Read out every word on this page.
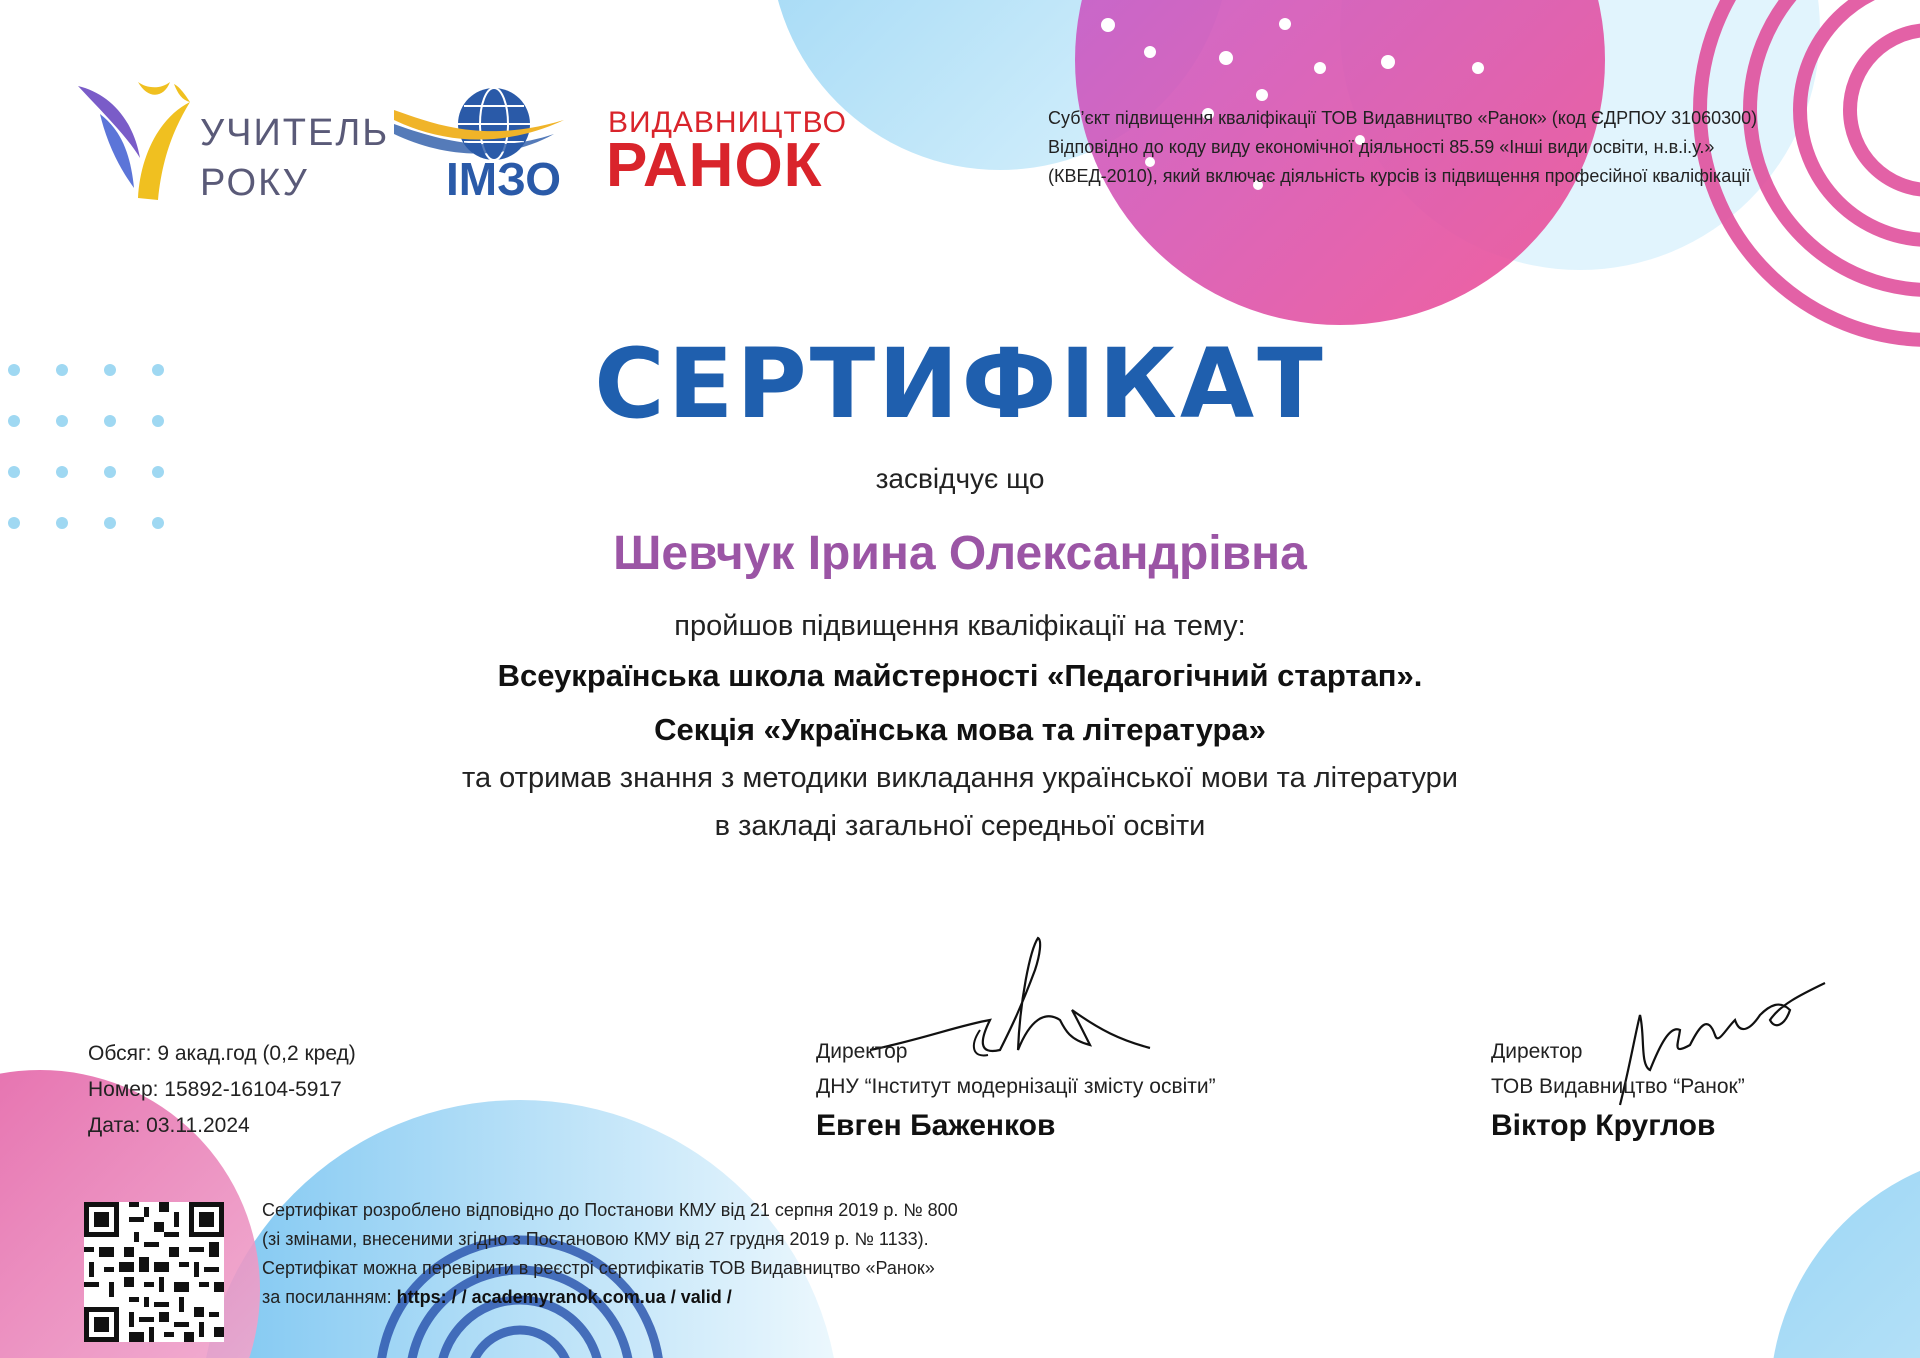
УЧИТЕЛЬ
РОКУ	ІМЗО
ВИДАВНИЦТВО
РАНОК
Суб’єкт підвищення кваліфікації ТОВ Видавництво «Ранок» (код ЄДРПОУ 31060300)
Відповідно до коду виду економічної діяльності 85.59 «Інші види освіти, н.в.і.у.»
(КВЕД-2010), який включає діяльність курсів із підвищення професійної кваліфікації
СЕРТИФІКАТ
засвідчує що
Шевчук Ірина Олександрівна
пройшов підвищення кваліфікації на тему:
Всеукраїнська школа майстерності «Педагогічний стартап».
Секція «Українська мова та література»
та отримав знання з методики викладання української мови та літератури
в закладі загальної середньої освіти
Обсяг: 9 акад.год (0,2 кред)
Номер: 15892-16104-5917
Дата: 03.11.2024
Директор
ДНУ “Інститут модернізації змісту освіти”
Евген Баженков
Директор
ТОВ Видавництво “Ранок”
Віктор Круглов
Сертифікат розроблено відповідно до Постанови КМУ від 21 серпня 2019 р. № 800
(зі змінами, внесеними згідно з Постановою КМУ від 27 грудня 2019 р. № 1133).
Сертифікат можна перевірити в реєстрі сертифікатів ТОВ Видавництво «Ранок»
за посиланням: https: / / academyranok.com.ua / valid /
